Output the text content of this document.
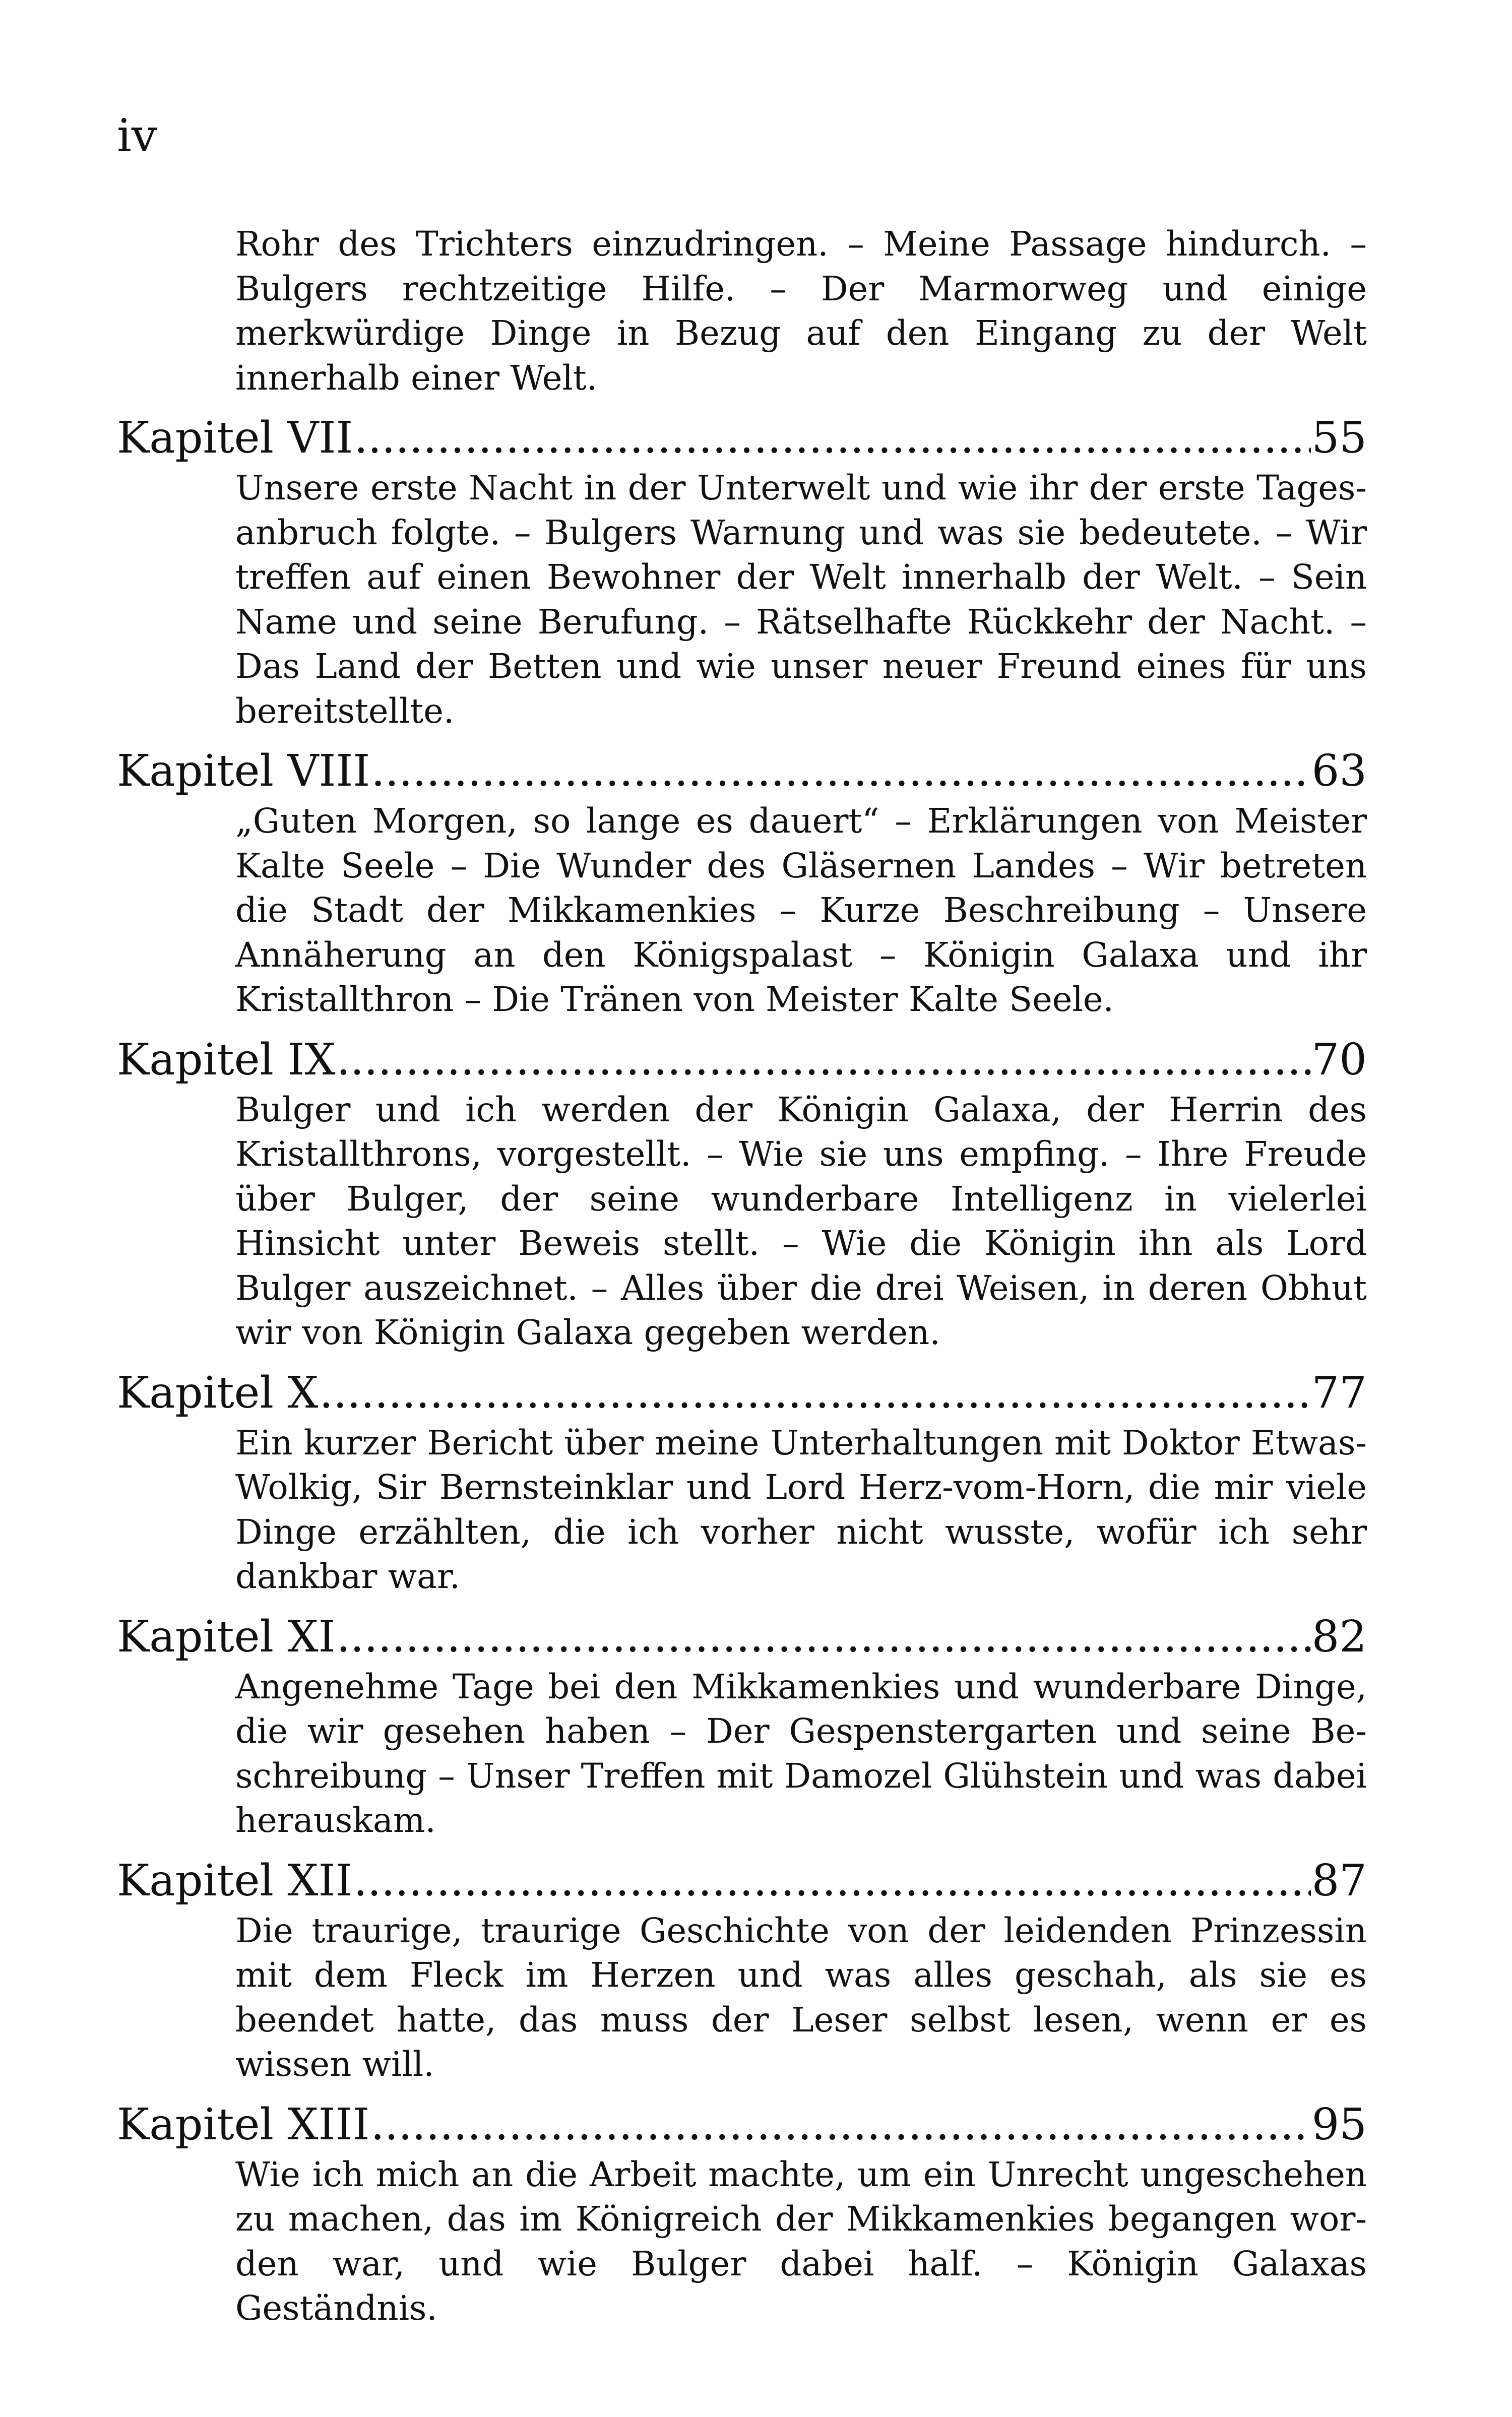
iv
Rohr des Trichters einzudringen. – Meine Passage hindurch. – Bulgers rechtzeitige Hilfe. – Der Marmorweg und einige merkwürdige Dinge in Bezug auf den Eingang zu der Welt innerhalb einer Welt.
Kapitel VII .....	55
Unsere erste Nacht in der Unterwelt und wie ihr der erste Tagesanbruch folgte. – Bulgers Warnung und was sie bedeutete. – Wir treffen auf einen Bewohner der Welt innerhalb der Welt. – Sein Name und seine Berufung. – Rätselhafte Rückkehr der Nacht. – Das Land der Betten und wie unser neuer Freund eines für uns bereitstellte.
Kapitel VIII .....	63
„Guten Morgen, so lange es dauert“ – Erklärungen von Meister Kalte Seele – Die Wunder des Gläsernen Landes – Wir betreten die Stadt der Mikkamenkies – Kurze Beschreibung – Unsere Annäherung an den Königspalast – Königin Galaxa und ihr Kristallthron – Die Tränen von Meister Kalte Seele.
Kapitel IX .....	70
Bulger und ich werden der Königin Galaxa, der Herrin des Kristallthrons, vorgestellt. – Wie sie uns empfing. – Ihre Freude über Bulger, der seine wunderbare Intelligenz in vielerlei Hinsicht unter Beweis stellt. – Wie die Königin ihn als Lord Bulger auszeichnet. – Alles über die drei Weisen, in deren Obhut wir von Königin Galaxa gegeben werden.
Kapitel X .....	77
Ein kurzer Bericht über meine Unterhaltungen mit Doktor Etwas-Wolkig, Sir Bernsteinklar und Lord Herz-vom-Horn, die mir viele Dinge erzählten, die ich vorher nicht wusste, wofür ich sehr dankbar war.
Kapitel XI .....	82
Angenehme Tage bei den Mikkamenkies und wunderbare Dinge, die wir gesehen haben – Der Gespenstergarten und seine Beschreibung – Unser Treffen mit Damozel Glühstein und was dabei herauskam.
Kapitel XII .....	87
Die traurige, traurige Geschichte von der leidenden Prinzessin mit dem Fleck im Herzen und was alles geschah, als sie es beendet hatte, das muss der Leser selbst lesen, wenn er es wissen will.
Kapitel XIII .....	95
Wie ich mich an die Arbeit machte, um ein Unrecht ungeschehen zu machen, das im Königreich der Mikkamenkies begangen worden war, und wie Bulger dabei half. – Königin Galaxas Geständnis.
